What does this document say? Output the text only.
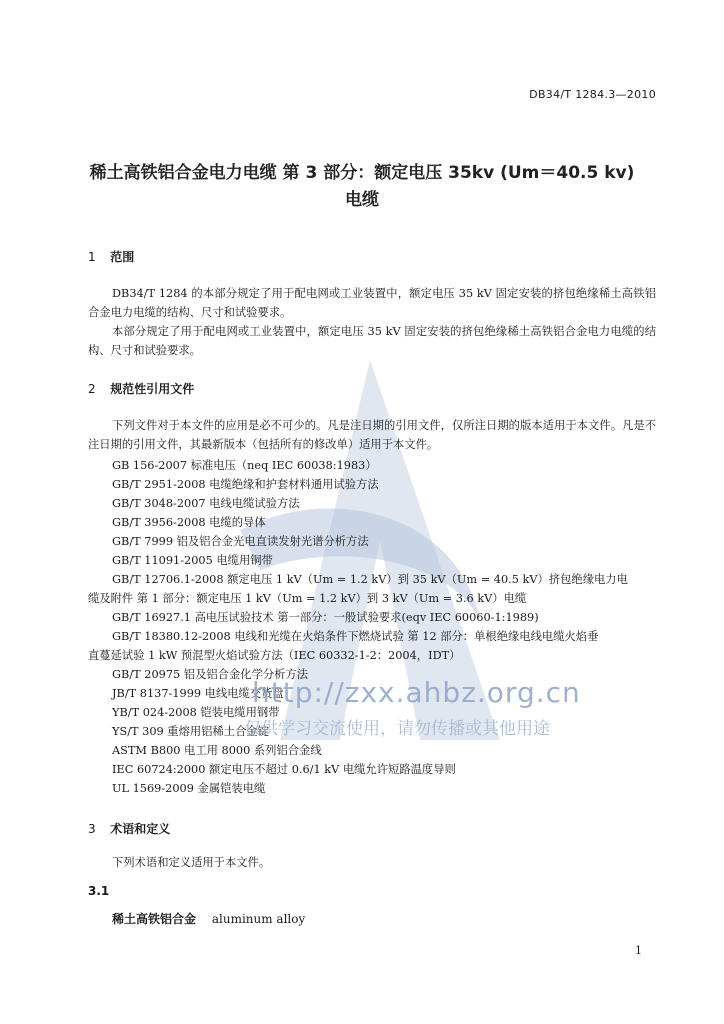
DB34/T 1284.3—2010
稀土高铁铝合金电力电缆 第 3 部分：额定电压 35kv (Um＝40.5 kv)
电缆
1 范围
DB34/T 1284 的本部分规定了用于配电网或工业装置中，额定电压 35 kV 固定安装的挤包绝缘稀土高铁铝合金电力电缆的结构、尺寸和试验要求。
本部分规定了用于配电网或工业装置中，额定电压 35 kV 固定安装的挤包绝缘稀土高铁铝合金电力电缆的结构、尺寸和试验要求。
2 规范性引用文件
下列文件对于本文件的应用是必不可少的。凡是注日期的引用文件，仅所注日期的版本适用于本文件。凡是不注日期的引用文件，其最新版本（包括所有的修改单）适用于本文件。
GB 156-2007 标准电压（neq IEC 60038:1983）
GB/T 2951-2008 电缆绝缘和护套材料通用试验方法
GB/T 3048-2007 电线电缆试验方法
GB/T 3956-2008 电缆的导体
GB/T 7999 铝及铝合金光电直读发射光谱分析方法
GB/T 11091-2005 电缆用铜带
GB/T 12706.1-2008 额定电压 1 kV（Um = 1.2 kV）到 35 kV（Um = 40.5 kV）挤包绝缘电力电
缆及附件 第 1 部分：额定电压 1 kV（Um = 1.2 kV）到 3 kV（Um = 3.6 kV）电缆
GB/T 16927.1 高电压试验技术 第一部分：一般试验要求(eqv IEC 60060-1:1989)
GB/T 18380.12-2008 电线和光缆在火焰条件下燃烧试验 第 12 部分：单根绝缘电线电缆火焰垂
直蔓延试验 1 kW 预混型火焰试验方法（IEC 60332-1-2：2004，IDT）
GB/T 20975 铝及铝合金化学分析方法
JB/T 8137-1999 电线电缆交货盘
YB/T 024-2008 铠装电缆用钢带
YS/T 309 重熔用铝稀土合金锭
ASTM B800 电工用 8000 系列铝合金线
IEC 60724:2000 额定电压不超过 0.6/1 kV 电缆允许短路温度导则
UL 1569-2009 金属铠装电缆
3 术语和定义
下列术语和定义适用于本文件。
3.1
稀土高铁铝合金 aluminum alloy
http://zxx.ahbz.org.cn
仅供学习交流使用，请勿传播或其他用途
1
